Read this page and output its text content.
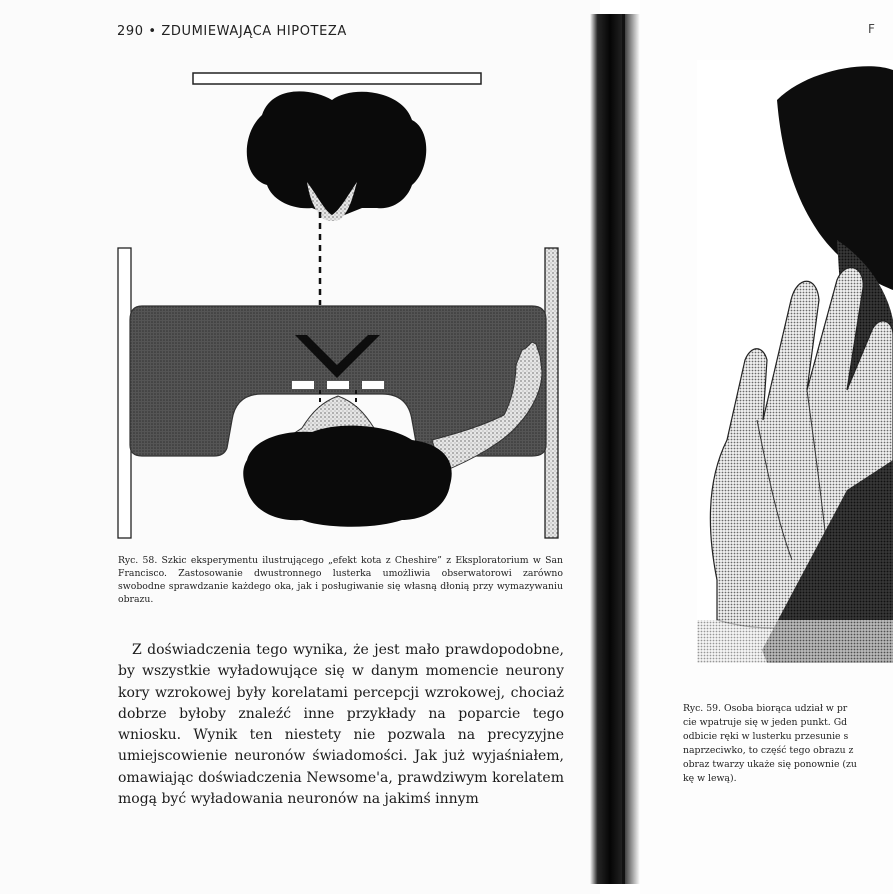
290 • ZDUMIEWAJĄCA HIPOTEZA
Ryc. 58. Szkic eksperymentu ilustrującego „efekt kota z Cheshire” z Eksploratorium w San Francisco. Zastosowanie dwustronnego lusterka umożliwia obserwatorowi zarówno swobodne sprawdzanie każdego oka, jak i posługiwanie się własną dłonią przy wymazywaniu obrazu.

Z doświadczenia tego wynika, że jest mało prawdopodobne, by wszystkie wyładowujące się w danym momencie neurony kory wzrokowej były korelatami percepcji wzrokowej, chociaż dobrze byłoby znaleźć inne przykłady na poparcie tego wniosku. Wynik ten niestety nie pozwala na precyzyjne umiejscowienie neuronów świadomości. Jak już wyjaśniałem, omawiając doświadczenia Newsome'a, prawdziwym korelatem mogą być wyładowania neuronów na jakimś innym

F
Ryc. 59. Osoba biorąca udział w pr
cie wpatruje się w jeden punkt. Gd
odbicie ręki w lusterku przesunie s
naprzeciwko, to część tego obrazu z
obraz twarzy ukaże się ponownie (zu
kę w lewą).
